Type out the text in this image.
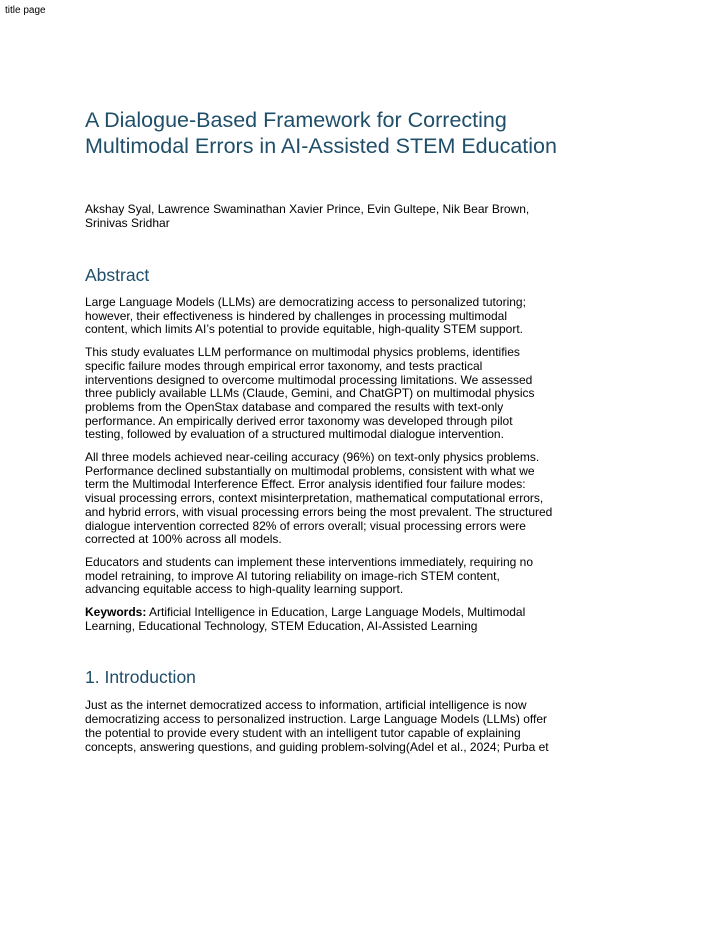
title page
A Dialogue-Based Framework for Correcting
Multimodal Errors in AI-Assisted STEM Education
Akshay Syal, Lawrence Swaminathan Xavier Prince, Evin Gultepe, Nik Bear Brown,
Srinivas Sridhar
Abstract

Large Language Models (LLMs) are democratizing access to personalized tutoring;
however, their effectiveness is hindered by challenges in processing multimodal
content, which limits AI’s potential to provide equitable, high-quality STEM support.

This study evaluates LLM performance on multimodal physics problems, identifies
specific failure modes through empirical error taxonomy, and tests practical
interventions designed to overcome multimodal processing limitations. We assessed
three publicly available LLMs (Claude, Gemini, and ChatGPT) on multimodal physics
problems from the OpenStax database and compared the results with text-only
performance. An empirically derived error taxonomy was developed through pilot
testing, followed by evaluation of a structured multimodal dialogue intervention.

All three models achieved near-ceiling accuracy (96%) on text-only physics problems.
Performance declined substantially on multimodal problems, consistent with what we
term the Multimodal Interference Effect. Error analysis identified four failure modes:
visual processing errors, context misinterpretation, mathematical computational errors,
and hybrid errors, with visual processing errors being the most prevalent. The structured
dialogue intervention corrected 82% of errors overall; visual processing errors were
corrected at 100% across all models.

Educators and students can implement these interventions immediately, requiring no
model retraining, to improve AI tutoring reliability on image-rich STEM content,
advancing equitable access to high-quality learning support.

Keywords: Artificial Intelligence in Education, Large Language Models, Multimodal
Learning, Educational Technology, STEM Education, AI-Assisted Learning

1. Introduction

Just as the internet democratized access to information, artificial intelligence is now
democratizing access to personalized instruction. Large Language Models (LLMs) offer
the potential to provide every student with an intelligent tutor capable of explaining
concepts, answering questions, and guiding problem-solving(Adel et al., 2024; Purba et
